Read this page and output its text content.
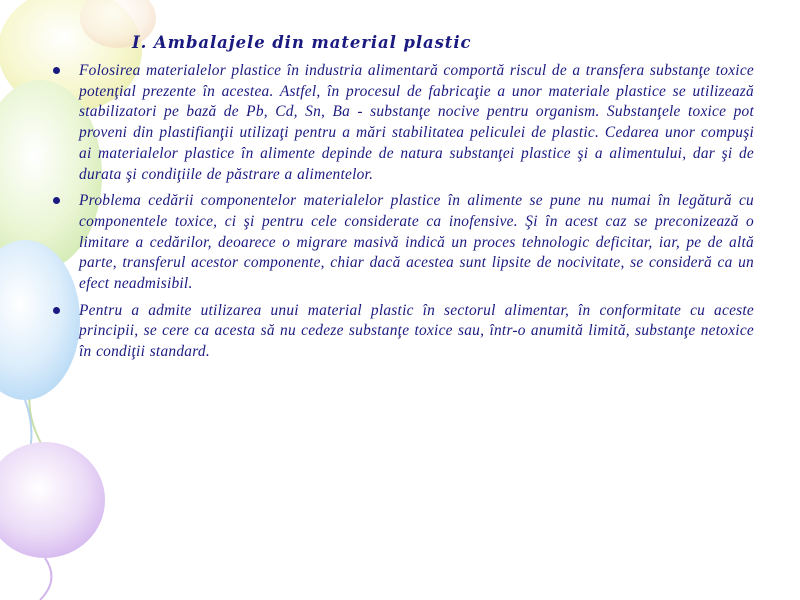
I. Ambalajele din material plastic
Folosirea materialelor plastice în industria alimentară comportă riscul de a transfera substanţe toxice potenţial prezente în acestea. Astfel, în procesul de fabricaţie a unor materiale plastice se utilizează stabilizatori pe bază de Pb, Cd, Sn, Ba - substanţe nocive pentru organism. Substanţele toxice pot proveni din plastifianţii utilizaţi pentru a mări stabilitatea peliculei de plastic. Cedarea unor compuşi ai materialelor plastice în alimente depinde de natura substanţei plastice şi a alimentului, dar şi de durata şi condiţiile de păstrare a alimentelor.
Problema cedării componentelor materialelor plastice în alimente se pune nu numai în legătură cu componentele toxice, ci şi pentru cele considerate ca inofensive. Şi în acest caz se preconizează o limitare a cedărilor, deoarece o migrare masivă indică un proces tehnologic deficitar, iar, pe de altă parte, transferul acestor componente, chiar dacă acestea sunt lipsite de nocivitate, se consideră ca un efect neadmisibil.
Pentru a admite utilizarea unui material plastic în sectorul alimentar, în conformitate cu aceste principii, se cere ca acesta să nu cedeze substanţe toxice sau, într-o anumită limită, substanţe netoxice în condiţii standard.
